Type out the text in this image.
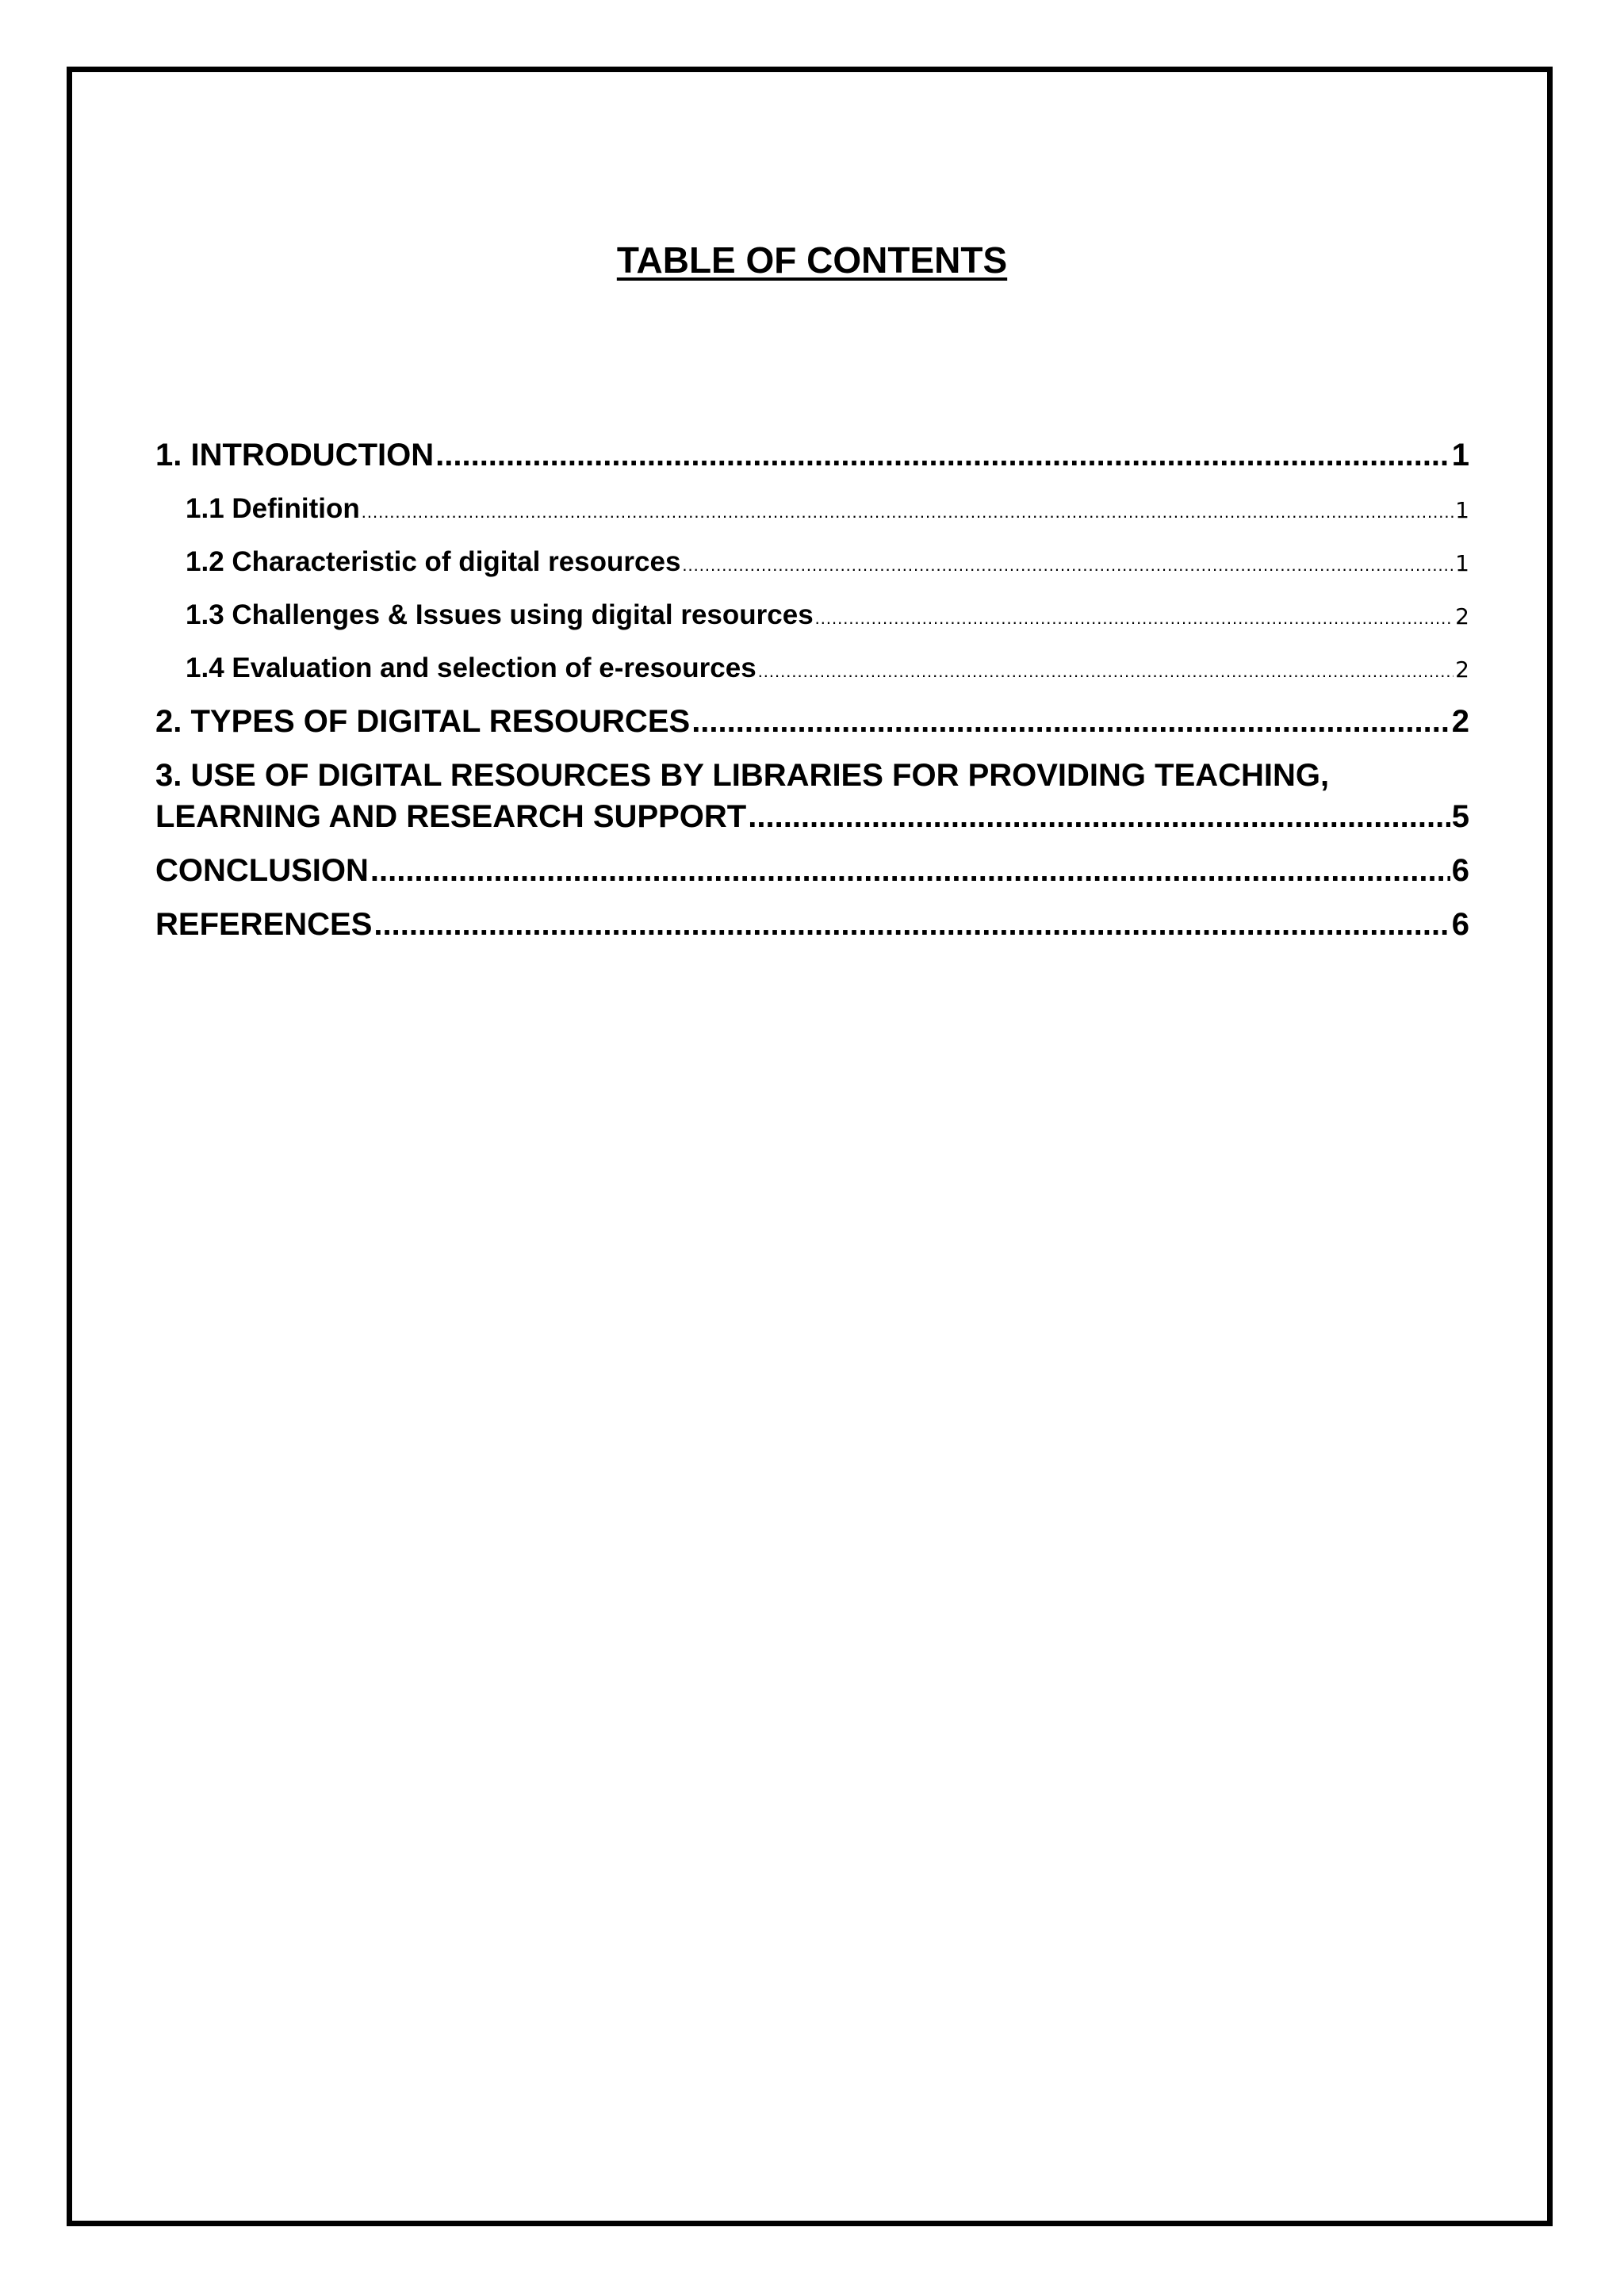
TABLE OF CONTENTS
1. INTRODUCTION .....	1
1.1 Definition .....	1
1.2 Characteristic of digital resources .....	1
1.3 Challenges & Issues using digital resources .....	2
1.4 Evaluation and selection of e-resources .....	2
2. TYPES OF DIGITAL RESOURCES .....	2
3. USE OF DIGITAL RESOURCES BY LIBRARIES FOR PROVIDING TEACHING,
LEARNING AND RESEARCH SUPPORT .....	5
CONCLUSION .....	6
REFERENCES .....	6
